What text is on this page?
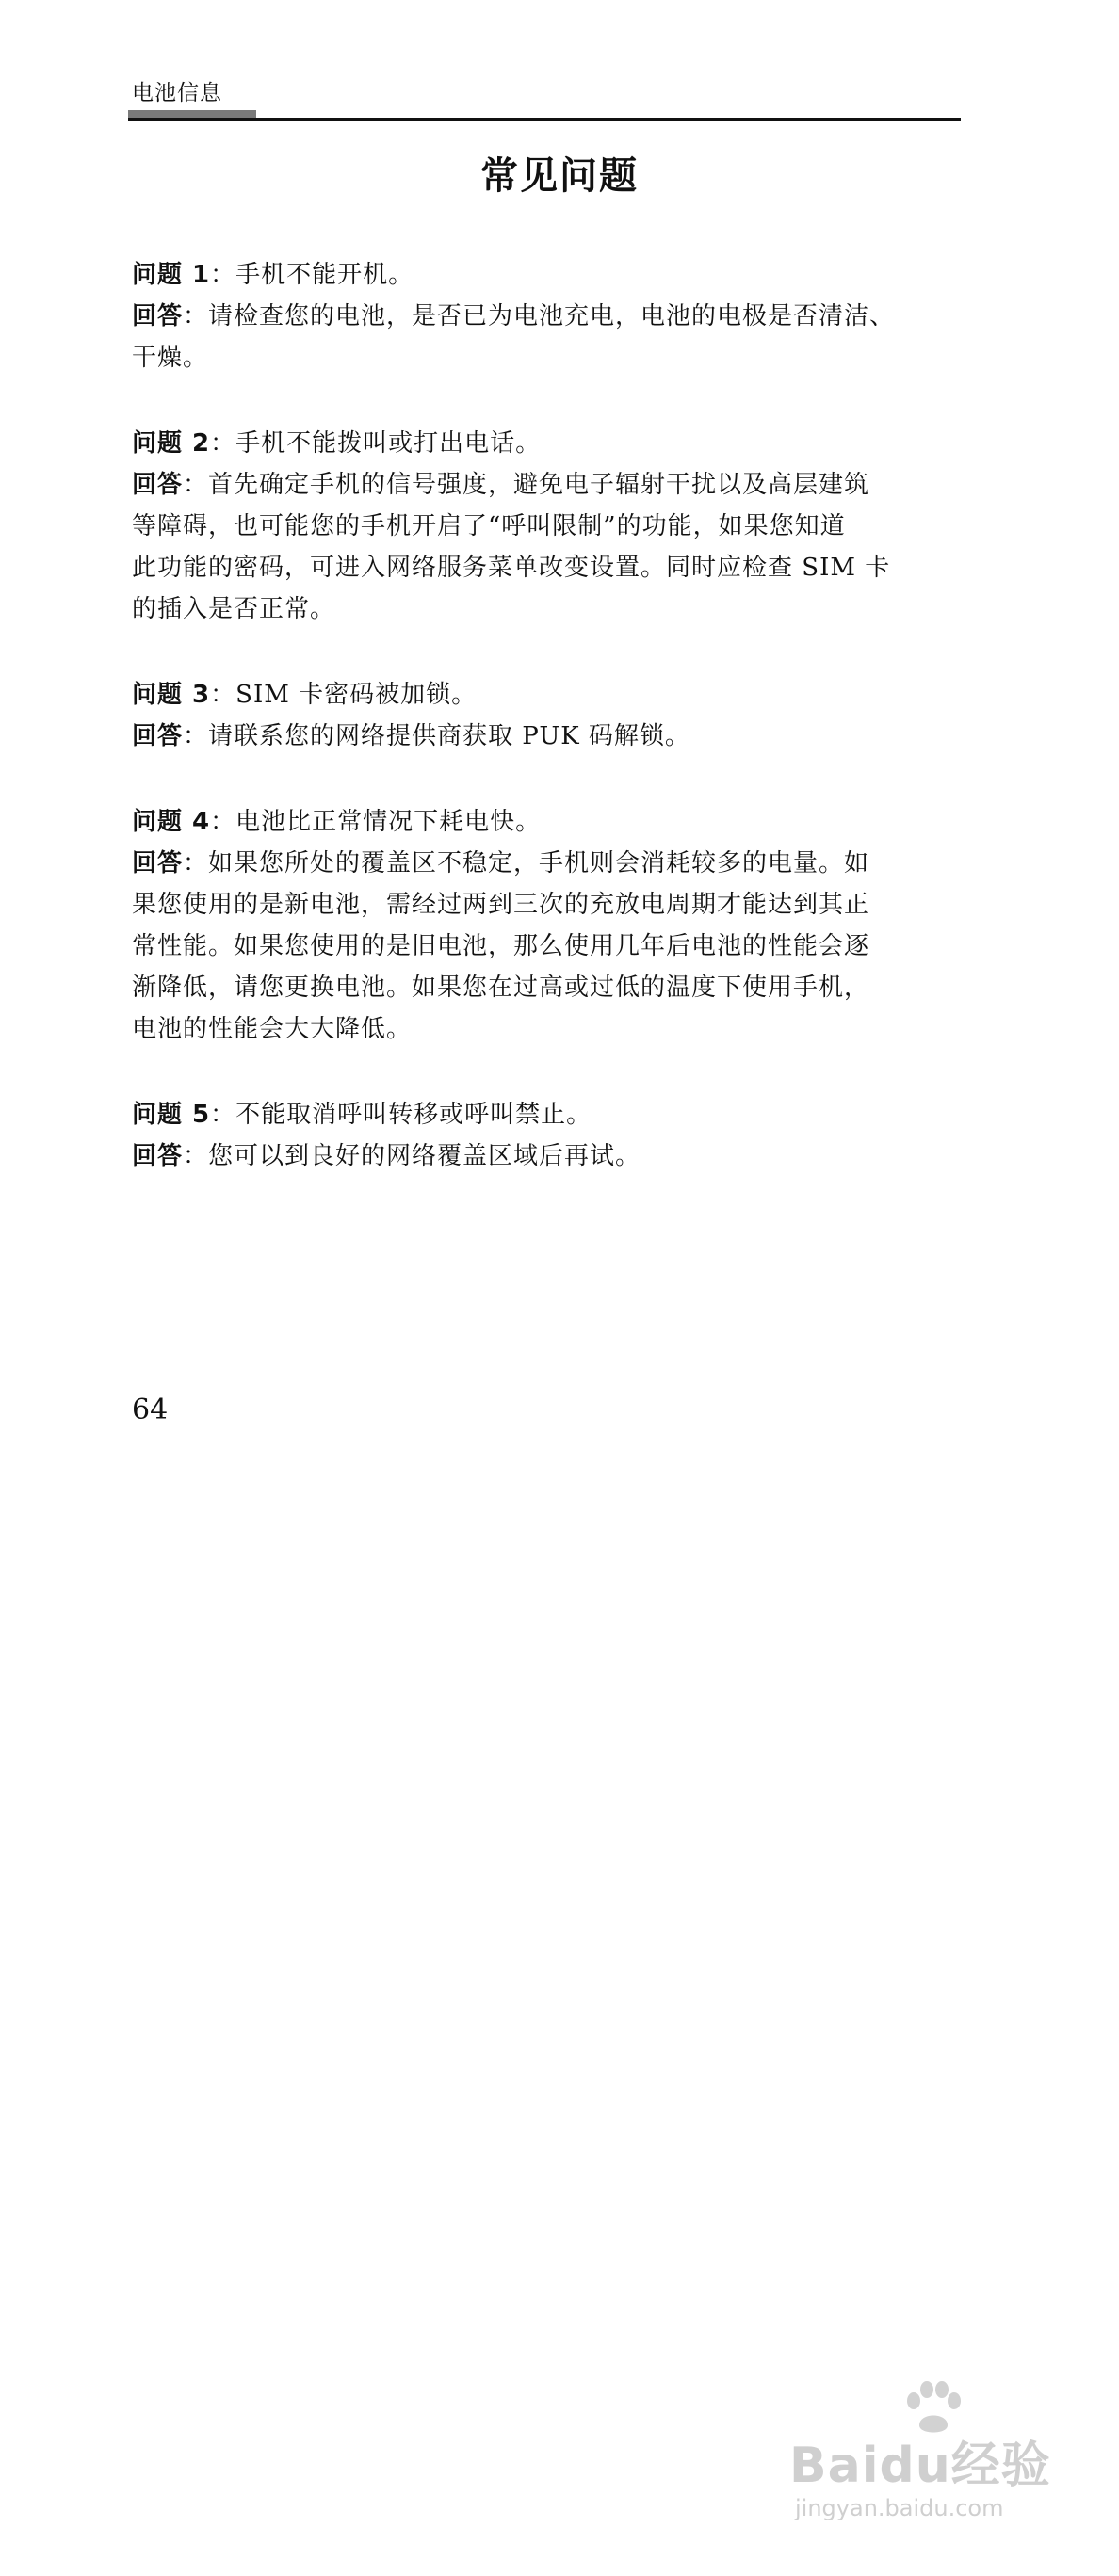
电池信息
常见问题

问题 1：手机不能开机。

回答：请检查您的电池，是否已为电池充电，电池的电极是否清洁、

干燥。

问题 2：手机不能拨叫或打出电话。

回答：首先确定手机的信号强度，避免电子辐射干扰以及高层建筑

等障碍，也可能您的手机开启了“呼叫限制”的功能，如果您知道

此功能的密码，可进入网络服务菜单改变设置。同时应检查 SIM 卡

的插入是否正常。

问题 3：SIM 卡密码被加锁。

回答：请联系您的网络提供商获取 PUK 码解锁。

问题 4：电池比正常情况下耗电快。

回答：如果您所处的覆盖区不稳定，手机则会消耗较多的电量。如

果您使用的是新电池，需经过两到三次的充放电周期才能达到其正

常性能。如果您使用的是旧电池，那么使用几年后电池的性能会逐

渐降低，请您更换电池。如果您在过高或过低的温度下使用手机，

电池的性能会大大降低。

问题 5：不能取消呼叫转移或呼叫禁止。

回答：您可以到良好的网络覆盖区域后再试。

64
Baidu经验
jingyan.baidu.com
